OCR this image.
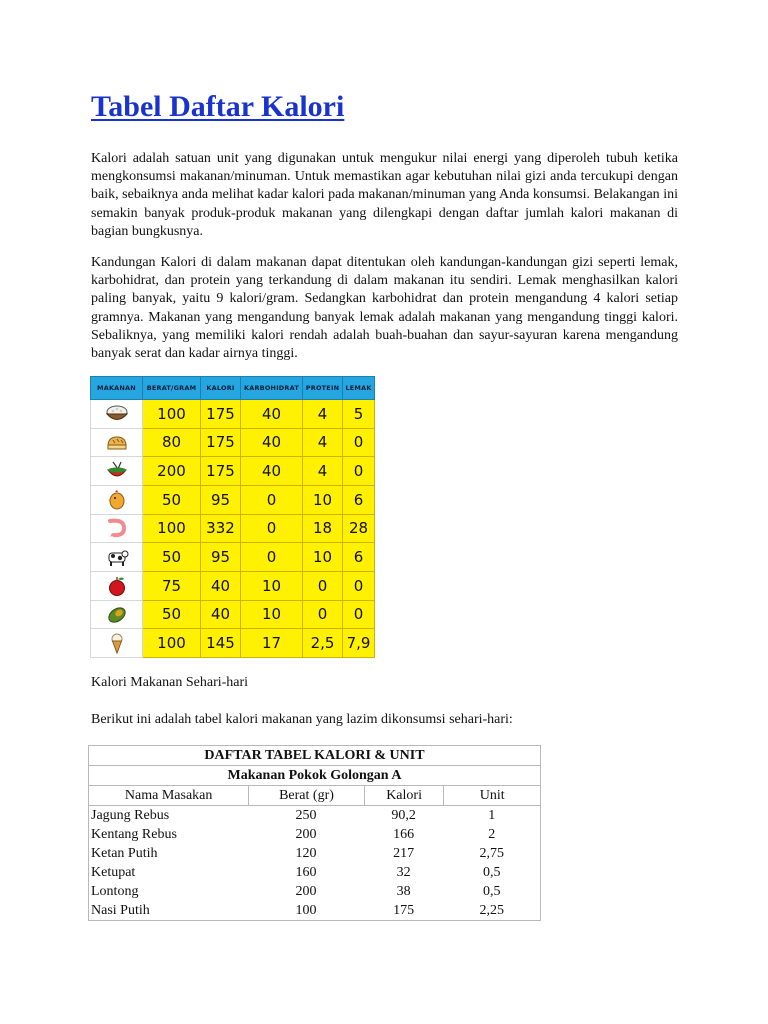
Tabel Daftar Kalori

Kalori adalah satuan unit yang digunakan untuk mengukur nilai energi yang diperoleh tubuh ketika mengkonsumsi makanan/minuman. Untuk memastikan agar kebutuhan nilai gizi anda tercukupi dengan baik, sebaiknya anda melihat kadar kalori pada makanan/minuman yang Anda konsumsi. Belakangan ini semakin banyak produk-produk makanan yang dilengkapi dengan daftar jumlah kalori makanan di bagian bungkusnya.

Kandungan Kalori di dalam makanan dapat ditentukan oleh kandungan-kandungan gizi seperti lemak, karbohidrat, dan protein yang terkandung di dalam makanan itu sendiri. Lemak menghasilkan kalori paling banyak, yaitu 9 kalori/gram. Sedangkan karbohidrat dan protein mengandung 4 kalori setiap gramnya. Makanan yang mengandung banyak lemak adalah makanan yang mengandung tinggi kalori. Sebaliknya, yang memiliki kalori rendah adalah buah-buahan dan sayur-sayuran karena mengandung banyak serat dan kadar airnya tinggi.

MAKANAN	BERAT/GRAM	KALORI	KARBOHIDRAT	PROTEIN	LEMAK
	100	175	40	4	5
	80	175	40	4	0
	200	175	40	4	0
	50	95	0	10	6
	100	332	0	18	28
	50	95	0	10	6
	75	40	10	0	0
	50	40	10	0	0
	100	145	17	2,5	7,9

Kalori Makanan Sehari-hari

Berikut ini adalah tabel kalori makanan yang lazim dikonsumsi sehari-hari:

DAFTAR TABEL KALORI & UNIT			
Makanan Pokok Golongan A			
Nama Masakan	Berat (gr)	Kalori	Unit
Jagung Rebus	250	90,2	1
Kentang Rebus	200	166	2
Ketan Putih	120	217	2,75
Ketupat	160	32	0,5
Lontong	200	38	0,5
Nasi Putih	100	175	2,25
